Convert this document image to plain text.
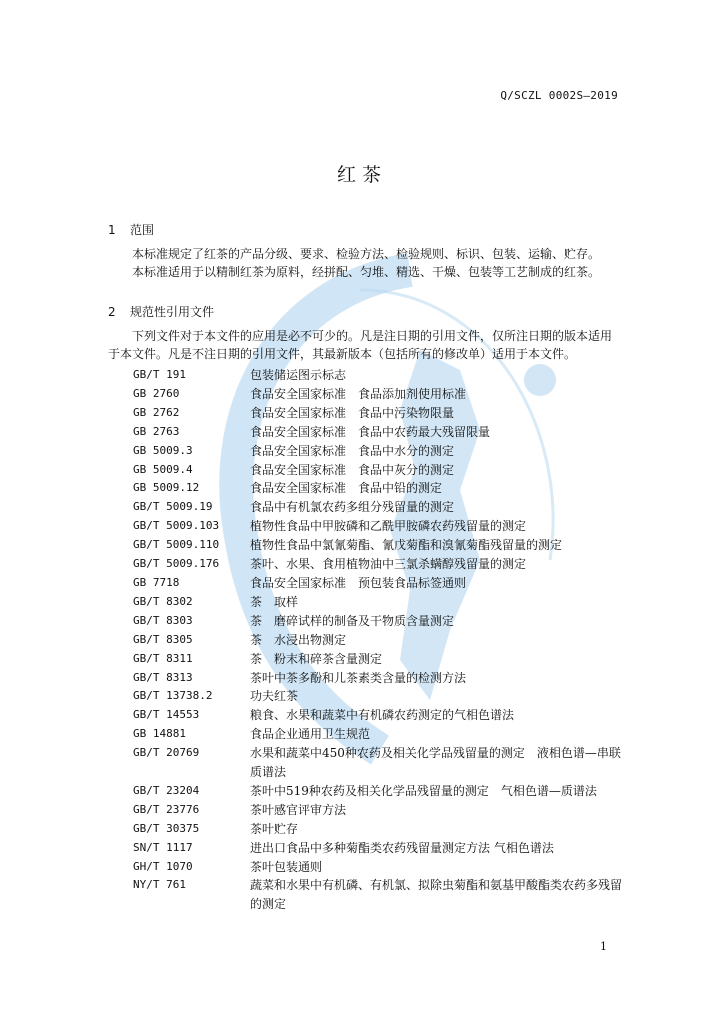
Q/SCZL 0002S—2019
红茶
1 范围

本标准规定了红茶的产品分级、要求、检验方法、检验规则、标识、包装、运输、贮存。

本标准适用于以精制红茶为原料，经拼配、匀堆、精选、干燥、包装等工艺制成的红茶。

2 规范性引用文件

下列文件对于本文件的应用是必不可少的。凡是注日期的引用文件，仅所注日期的版本适用于本文件。凡是不注日期的引用文件，其最新版本（包括所有的修改单）适用于本文件。

GB/T 191	包装储运图示标志
GB 2760	食品安全国家标准　食品添加剂使用标准
GB 2762	食品安全国家标准　食品中污染物限量
GB 2763	食品安全国家标准　食品中农药最大残留限量
GB 5009.3	食品安全国家标准　食品中水分的测定
GB 5009.4	食品安全国家标准　食品中灰分的测定
GB 5009.12	食品安全国家标准　食品中铅的测定
GB/T 5009.19	食品中有机氯农药多组分残留量的测定
GB/T 5009.103	植物性食品中甲胺磷和乙酰甲胺磷农药残留量的测定
GB/T 5009.110	植物性食品中氯氰菊酯、氰戊菊酯和溴氰菊酯残留量的测定
GB/T 5009.176	茶叶、水果、食用植物油中三氯杀螨醇残留量的测定
GB 7718	食品安全国家标准　预包装食品标签通则
GB/T 8302	茶　取样
GB/T 8303	茶　磨碎试样的制备及干物质含量测定
GB/T 8305	茶　水浸出物测定
GB/T 8311	茶　粉末和碎茶含量测定
GB/T 8313	茶叶中茶多酚和儿茶素类含量的检测方法
GB/T 13738.2	功夫红茶
GB/T 14553	粮食、水果和蔬菜中有机磷农药测定的气相色谱法
GB 14881	食品企业通用卫生规范
GB/T 20769	水果和蔬菜中450种农药及相关化学品残留量的测定　液相色谱—串联质谱法
GB/T 23204	茶叶中519种农药及相关化学品残留量的测定　气相色谱—质谱法
GB/T 23776	茶叶感官评审方法
GB/T 30375	茶叶贮存
SN/T 1117	进出口食品中多种菊酯类农药残留量测定方法 气相色谱法
GH/T 1070	茶叶包装通则
NY/T 761	蔬菜和水果中有机磷、有机氯、拟除虫菊酯和氨基甲酸酯类农药多残留的测定
1
